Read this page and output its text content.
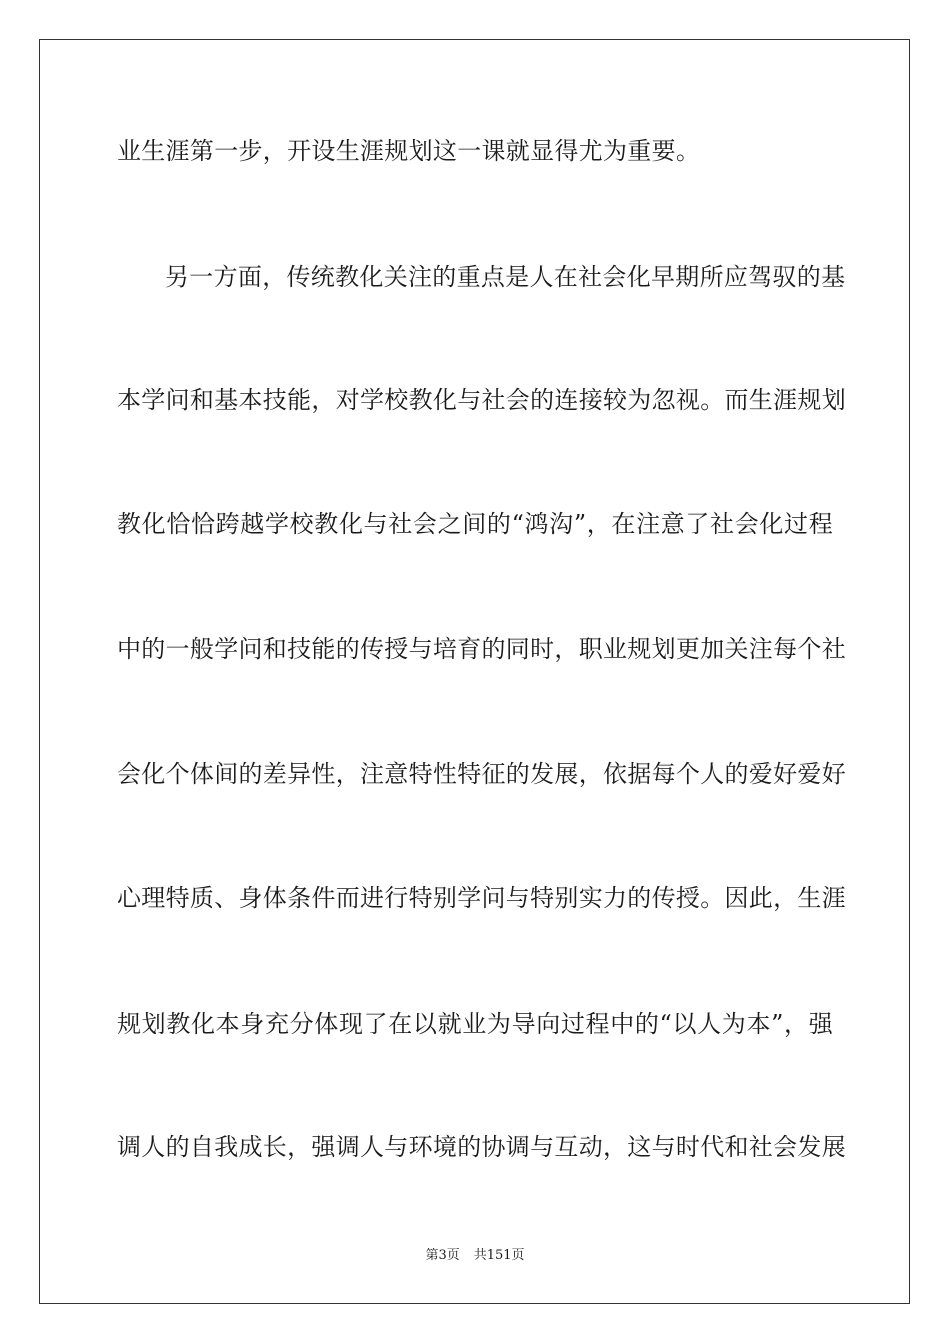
业生涯第一步，开设生涯规划这一课就显得尤为重要。
另一方面，传统教化关注的重点是人在社会化早期所应驾驭的基
本学问和基本技能，对学校教化与社会的连接较为忽视。而生涯规划
教化恰恰跨越学校教化与社会之间的“鸿沟”，在注意了社会化过程
中的一般学问和技能的传授与培育的同时，职业规划更加关注每个社
会化个体间的差异性，注意特性特征的发展，依据每个人的爱好爱好
心理特质、身体条件而进行特别学问与特别实力的传授。因此，生涯
规划教化本身充分体现了在以就业为导向过程中的“以人为本”，强
调人的自我成长，强调人与环境的协调与互动，这与时代和社会发展
第3页 共151页
